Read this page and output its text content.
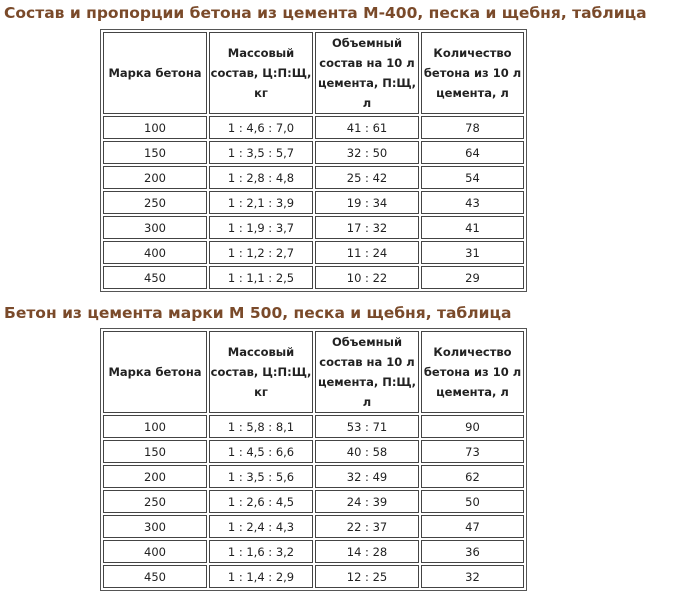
Состав и пропорции бетона из цемента М-400, песка и щебня, таблица
Марка бетона	Массовый состав, Ц:П:Щ, кг	Объемный состав на 10 л цемента, П:Щ, л	Количество бетона из 10 л цемента, л
100	1 : 4,6 : 7,0	41 : 61	78
150	1 : 3,5 : 5,7	32 : 50	64
200	1 : 2,8 : 4,8	25 : 42	54
250	1 : 2,1 : 3,9	19 : 34	43
300	1 : 1,9 : 3,7	17 : 32	41
400	1 : 1,2 : 2,7	11 : 24	31
450	1 : 1,1 : 2,5	10 : 22	29
Бетон из цемента марки М 500, песка и щебня, таблица
Марка бетона	Массовый состав, Ц:П:Щ, кг	Объемный состав на 10 л цемента, П:Щ, л	Количество бетона из 10 л цемента, л
100	1 : 5,8 : 8,1	53 : 71	90
150	1 : 4,5 : 6,6	40 : 58	73
200	1 : 3,5 : 5,6	32 : 49	62
250	1 : 2,6 : 4,5	24 : 39	50
300	1 : 2,4 : 4,3	22 : 37	47
400	1 : 1,6 : 3,2	14 : 28	36
450	1 : 1,4 : 2,9	12 : 25	32
